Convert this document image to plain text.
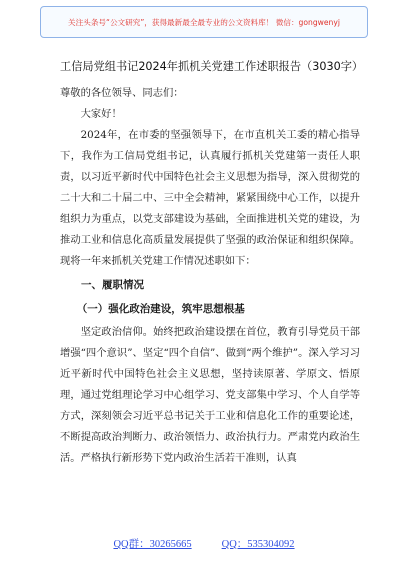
关注头条号“公文研究”，获得最新最全最专业的公文资料库！ 微信：gongwenyj
工信局党组书记2024年抓机关党建工作述职报告（3030字）

尊敬的各位领导、同志们：

大家好！

2024年，在市委的坚强领导下，在市直机关工委的精心指导下，我作为工信局党组书记，认真履行抓机关党建第一责任人职责，以习近平新时代中国特色社会主义思想为指导，深入贯彻党的二十大和二十届二中、三中全会精神，紧紧围绕中心工作，以提升组织力为重点，以党支部建设为基础，全面推进机关党的建设，为推动工业和信息化高质量发展提供了坚强的政治保证和组织保障。现将一年来抓机关党建工作情况述职如下：

一、履职情况
（一）强化政治建设，筑牢思想根基

坚定政治信仰。始终把政治建设摆在首位，教育引导党员干部增强“四个意识”、坚定“四个自信”、做到“两个维护”。深入学习习近平新时代中国特色社会主义思想，坚持读原著、学原文、悟原理，通过党组理论学习中心组学习、党支部集中学习、个人自学等方式，深刻领会习近平总书记关于工业和信息化工作的重要论述，不断提高政治判断力、政治领悟力、政治执行力。严肃党内政治生活。严格执行新形势下党内政治生活若干准则，认真

QQ群：30265665	QQ：535304092
